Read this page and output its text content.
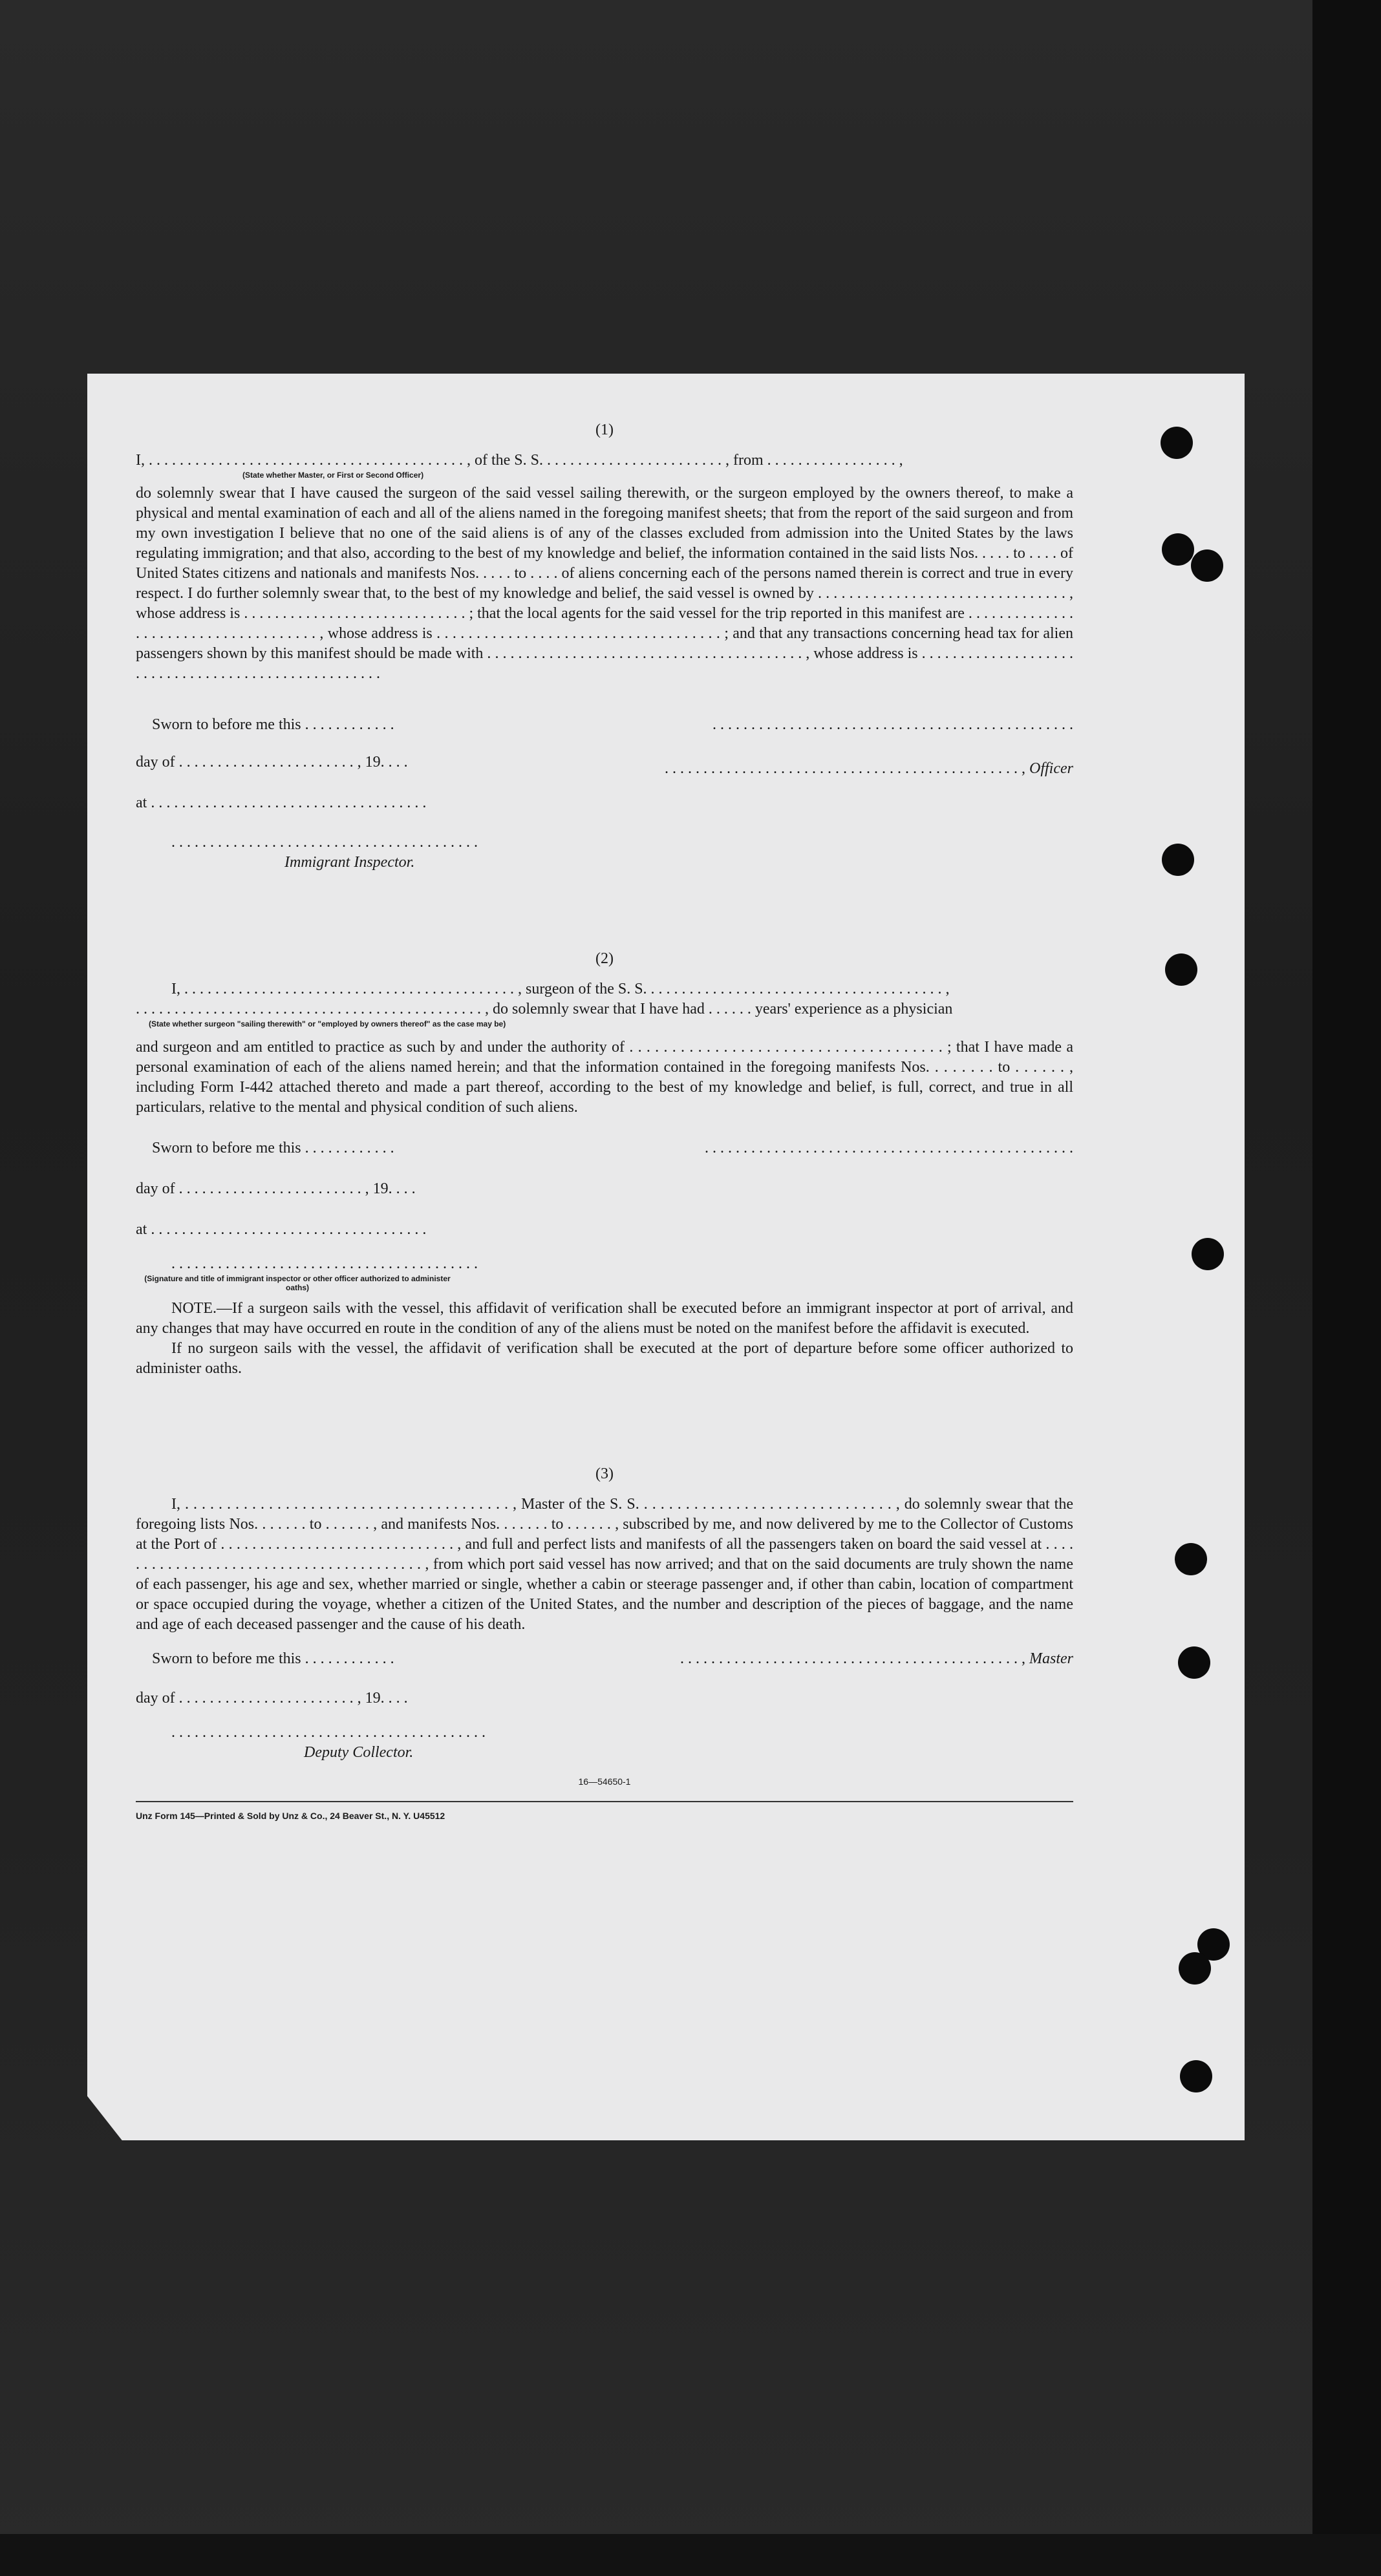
(1)

I, . . . . . . . . . . . . . . . . . . . . . . . . . . . . . . . . . . . . . . . . . , of the S. S. . . . . . . . . . . . . . . . . . . . . . . . , from . . . . . . . . . . . . . . . . . ,

(State whether Master, or First or Second Officer)

do solemnly swear that I have caused the surgeon of the said vessel sailing therewith, or the surgeon employed by the owners thereof, to make a physical and mental examination of each and all of the aliens named in the foregoing manifest sheets; that from the report of the said surgeon and from my own investigation I believe that no one of the said aliens is of any of the classes excluded from admission into the United States by the laws regulating immigration; and that also, according to the best of my knowledge and belief, the information contained in the said lists Nos. . . . . to . . . . of United States citizens and nationals and manifests Nos. . . . . to . . . . of aliens concerning each of the persons named therein is correct and true in every respect. I do further solemnly swear that, to the best of my knowledge and belief, the said vessel is owned by . . . . . . . . . . . . . . . . . . . . . . . . . . . . . . . . , whose address is . . . . . . . . . . . . . . . . . . . . . . . . . . . . . ; that the local agents for the said vessel for the trip reported in this manifest are . . . . . . . . . . . . . . . . . . . . . . . . . . . . . . . . . . . . . , whose address is . . . . . . . . . . . . . . . . . . . . . . . . . . . . . . . . . . . . ; and that any transactions concerning head tax for alien passengers shown by this manifest should be made with . . . . . . . . . . . . . . . . . . . . . . . . . . . . . . . . . . . . . . . . . , whose address is . . . . . . . . . . . . . . . . . . . . . . . . . . . . . . . . . . . . . . . . . . . . . . . . . . . .

Sworn to before me this . . . . . . . . . . . .	. . . . . . . . . . . . . . . . . . . . . . . . . . . . . . . . . . . . . . . . . . . . . . .
day of . . . . . . . . . . . . . . . . . . . . . . . , 19. . . .	. . . . . . . . . . . . . . . . . . . . . . . . . . . . . . . . . . . . . . . . . . . . . . , Officer

at . . . . . . . . . . . . . . . . . . . . . . . . . . . . . . . . . . . .

. . . . . . . . . . . . . . . . . . . . . . . . . . . . . . . . . . . . . . . .

Immigrant Inspector.

(2)

I, . . . . . . . . . . . . . . . . . . . . . . . . . . . . . . . . . . . . . . . . . . . , surgeon of the S. S. . . . . . . . . . . . . . . . . . . . . . . . . . . . . . . . . . . . . . . ,

. . . . . . . . . . . . . . . . . . . . . . . . . . . . . . . . . . . . . . . . . . . . . , do solemnly swear that I have had . . . . . . years' experience as a physician

(State whether surgeon "sailing therewith" or "employed by owners thereof" as the case may be)

and surgeon and am entitled to practice as such by and under the authority of . . . . . . . . . . . . . . . . . . . . . . . . . . . . . . . . . . . . . ; that I have made a personal examination of each of the aliens named herein; and that the information contained in the foregoing manifests Nos. . . . . . . . to . . . . . . , including Form I-442 attached thereto and made a part thereof, according to the best of my knowledge and belief, is full, correct, and true in all particulars, relative to the mental and physical condition of such aliens.

Sworn to before me this . . . . . . . . . . . .	. . . . . . . . . . . . . . . . . . . . . . . . . . . . . . . . . . . . . . . . . . . . . . . .

day of . . . . . . . . . . . . . . . . . . . . . . . . , 19. . . .

at . . . . . . . . . . . . . . . . . . . . . . . . . . . . . . . . . . . .

. . . . . . . . . . . . . . . . . . . . . . . . . . . . . . . . . . . . . . . .

(Signature and title of immigrant inspector or other officer authorized to administer oaths)

NOTE.—If a surgeon sails with the vessel, this affidavit of verification shall be executed before an immigrant inspector at port of arrival, and any changes that may have occurred en route in the condition of any of the aliens must be noted on the manifest before the affidavit is executed.

If no surgeon sails with the vessel, the affidavit of verification shall be executed at the port of departure before some officer authorized to administer oaths.

(3)

I, . . . . . . . . . . . . . . . . . . . . . . . . . . . . . . . . . . . . . . . , Master of the S. S. . . . . . . . . . . . . . . . . . . . . . . . . . . . . . . , do solemnly swear that the foregoing lists Nos. . . . . . . to . . . . . . , and manifests Nos. . . . . . . to . . . . . . , subscribed by me, and now delivered by me to the Collector of Customs at the Port of . . . . . . . . . . . . . . . . . . . . . . . . . . . . . . , and full and perfect lists and manifests of all the passengers taken on board the said vessel at . . . . . . . . . . . . . . . . . . . . . . . . . . . . . . . . . . . . . . . . , from which port said vessel has now arrived; and that on the said documents are truly shown the name of each passenger, his age and sex, whether married or single, whether a cabin or steerage passenger and, if other than cabin, location of compartment or space occupied during the voyage, whether a citizen of the United States, and the number and description of the pieces of baggage, and the name and age of each deceased passenger and the cause of his death.

Sworn to before me this . . . . . . . . . . . .	. . . . . . . . . . . . . . . . . . . . . . . . . . . . . . . . . . . . . . . . . . . . , Master

day of . . . . . . . . . . . . . . . . . . . . . . . , 19. . . .

. . . . . . . . . . . . . . . . . . . . . . . . . . . . . . . . . . . . . . . . .

Deputy Collector.

16—54650-1

Unz Form 145—Printed & Sold by Unz & Co., 24 Beaver St., N. Y. U45512
